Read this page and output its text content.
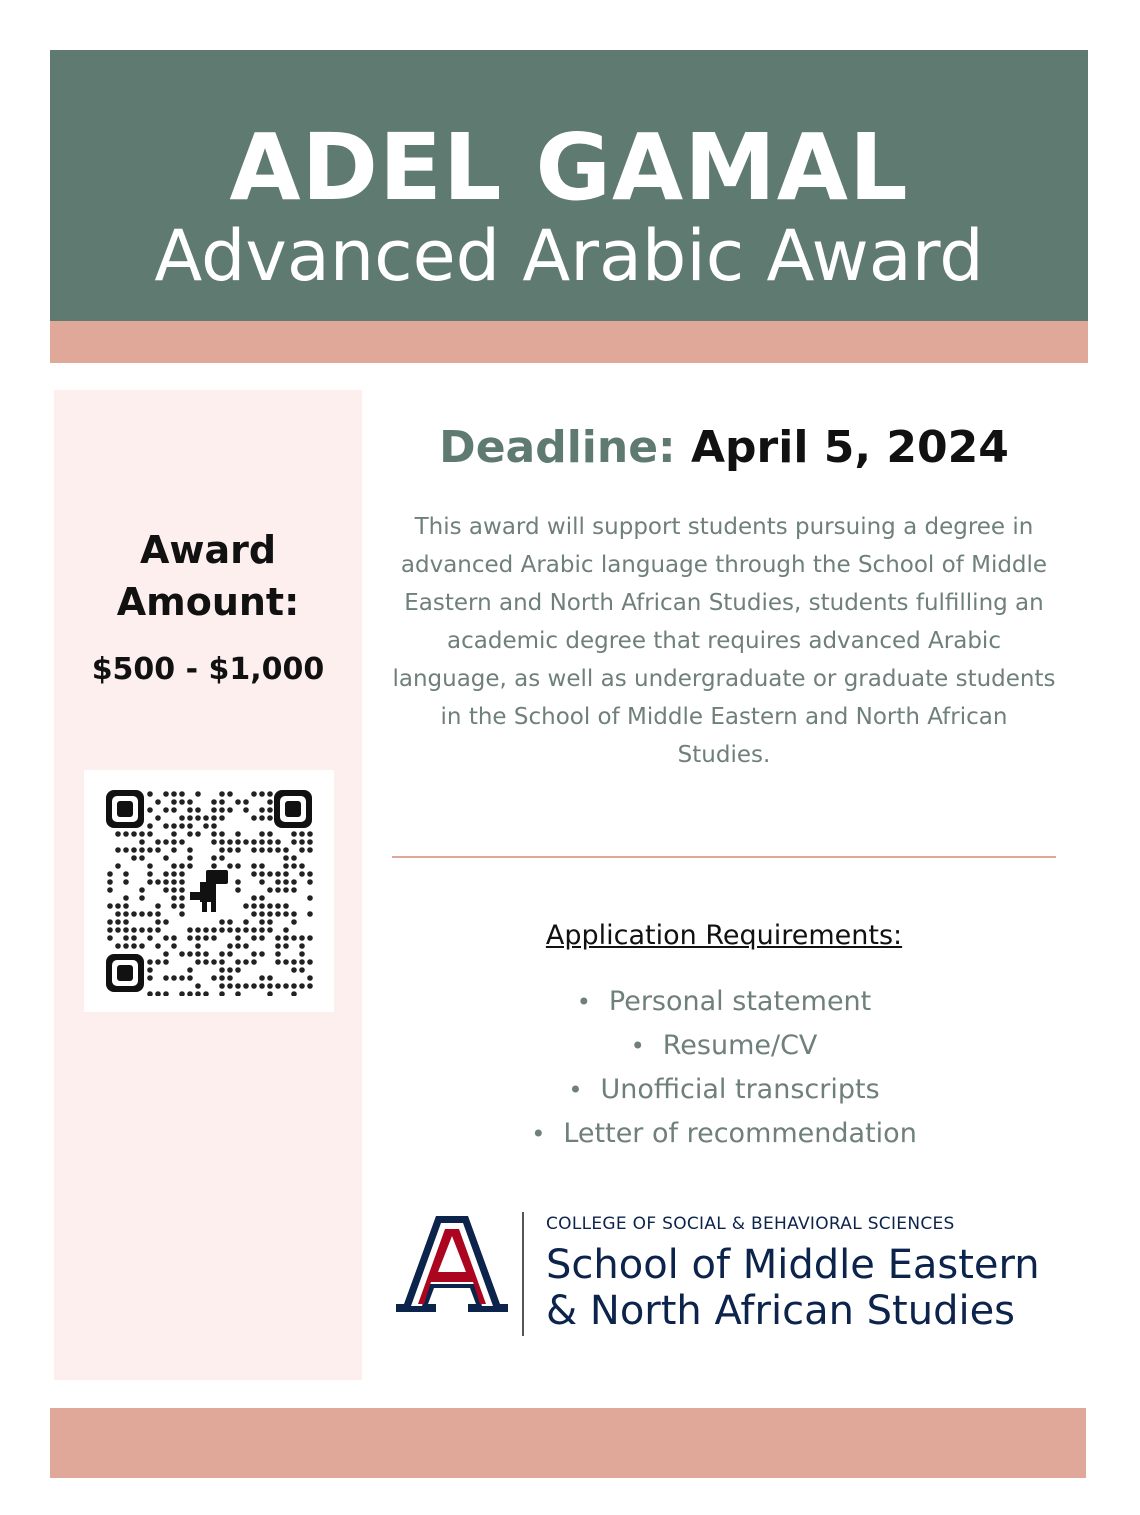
ADEL GAMAL
Advanced Arabic Award
Award Amount:
$500 - $1,000
Deadline: April 5, 2024
This award will support students pursuing a degree in advanced Arabic language through the School of Middle Eastern and North African Studies, students fulfilling an academic degree that requires advanced Arabic language, as well as undergraduate or graduate students in the School of Middle Eastern and North African Studies.
Application Requirements:
• Personal statement
• Resume/CV
• Unofficial transcripts
• Letter of recommendation
COLLEGE OF SOCIAL & BEHAVIORAL SCIENCES
School of Middle Eastern
& North African Studies
